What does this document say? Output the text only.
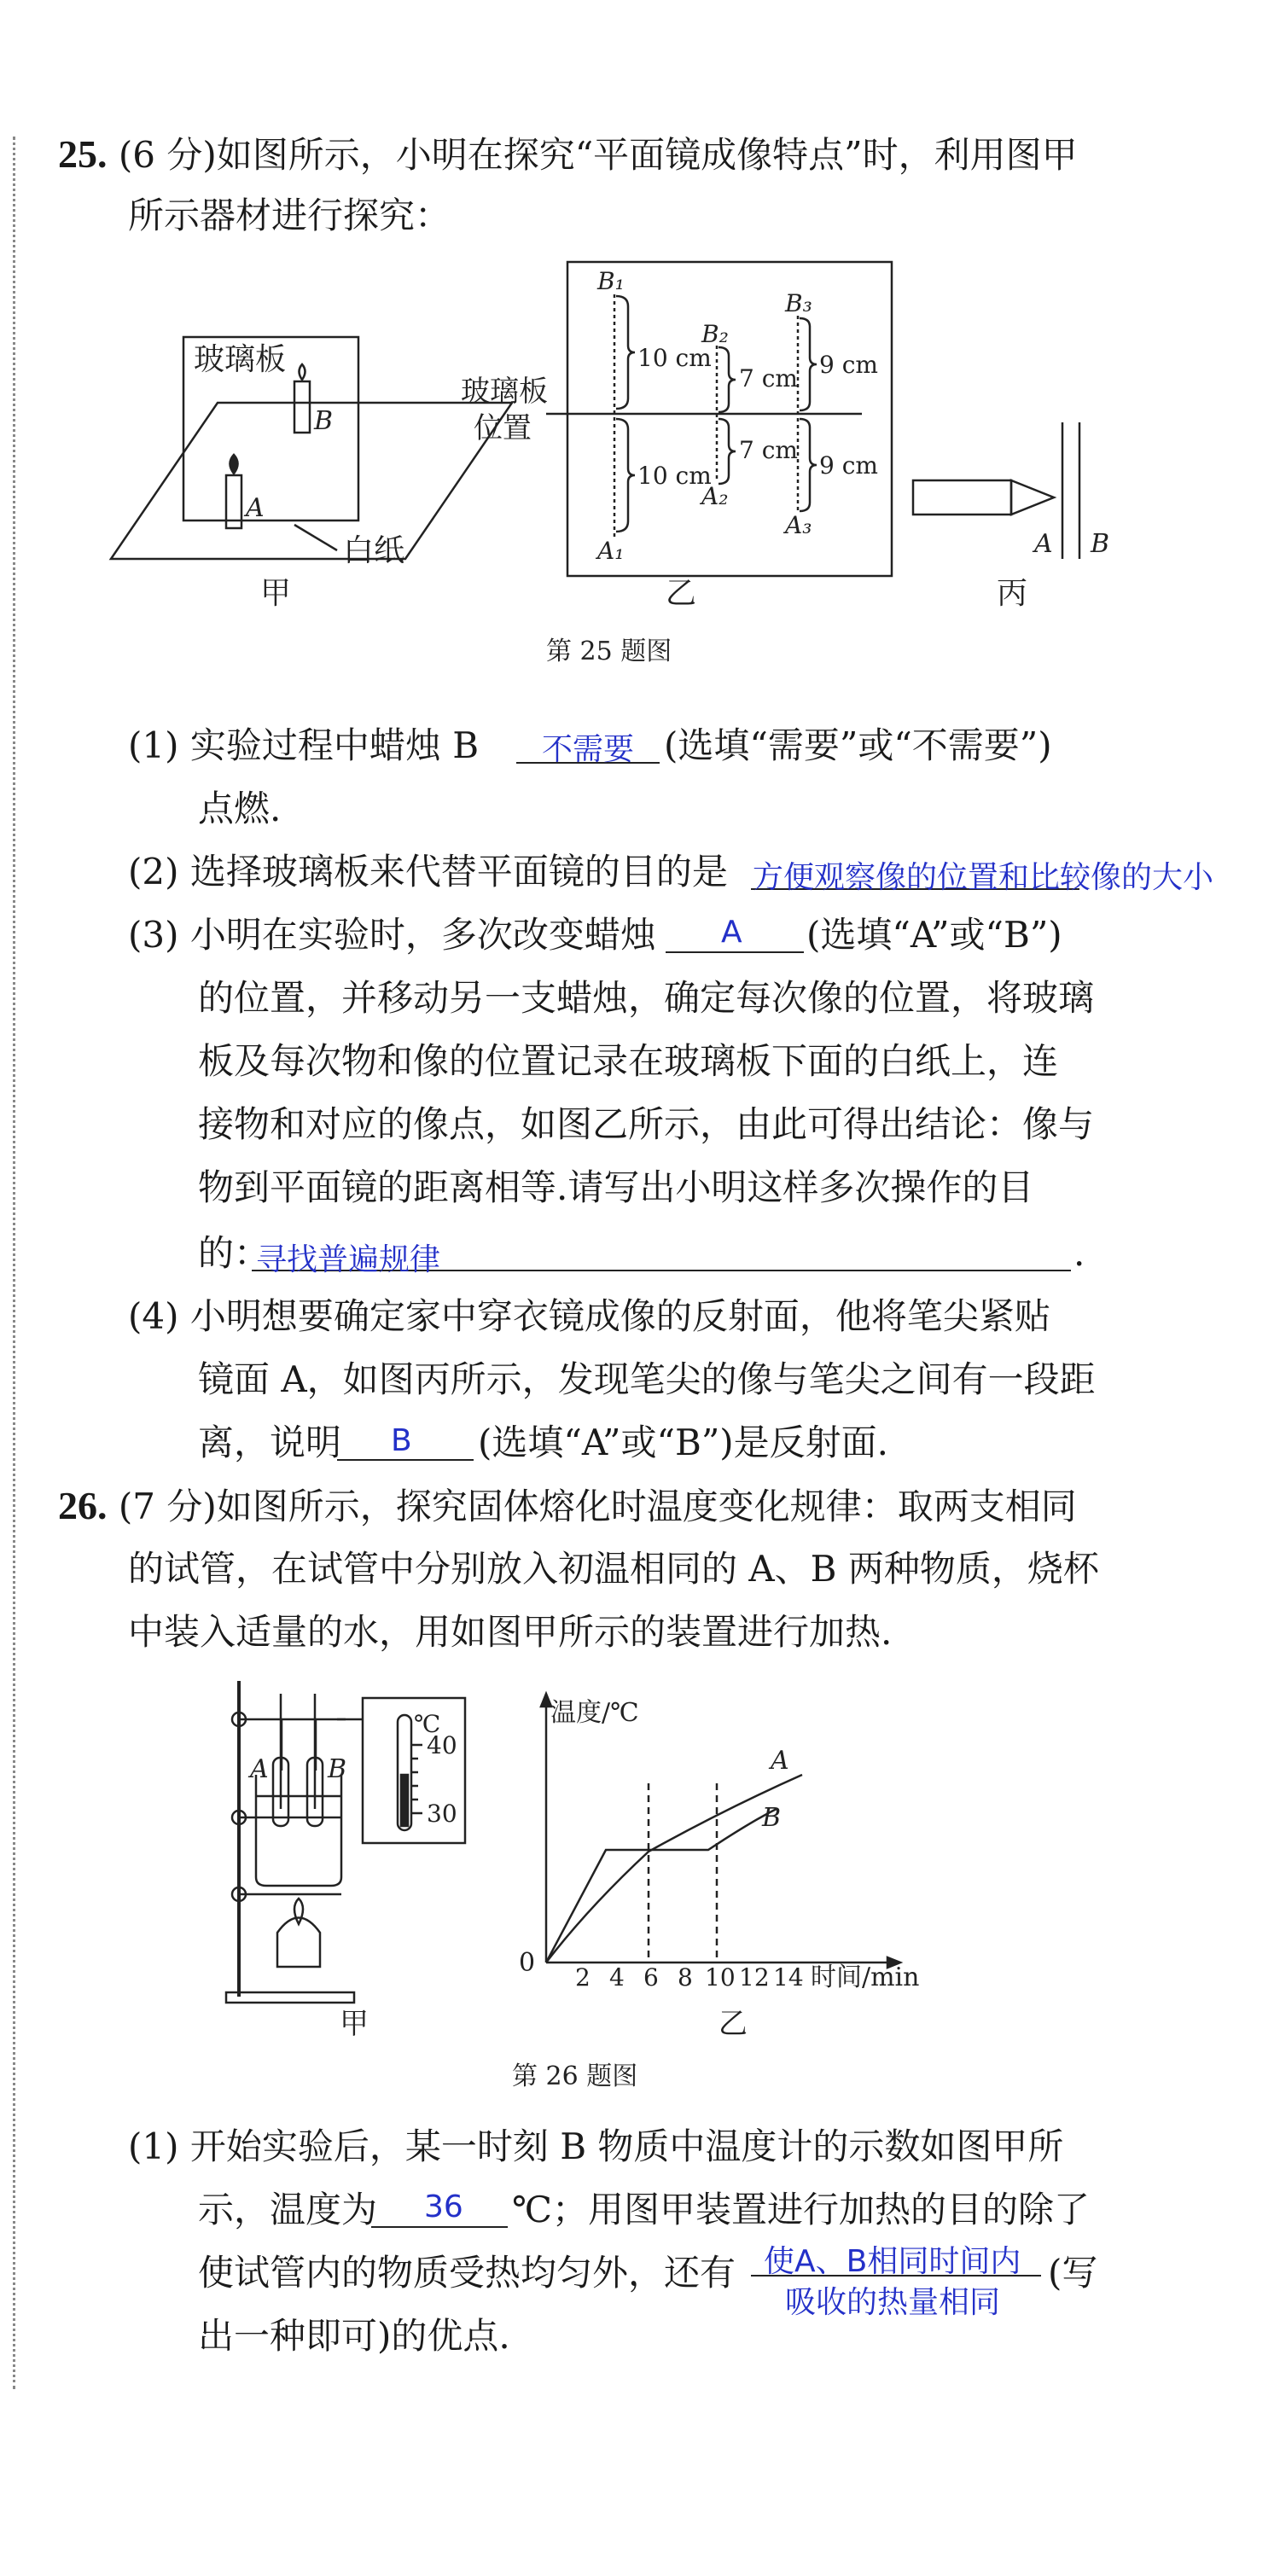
25. (6 分)如图所示，小明在探究“平面镜成像特点”时，利用图甲
所示器材进行探究：
玻璃板
B
A
白纸
甲
玻璃板
位置
B₁
B₂
B₃
A₁
A₂
A₃
10 cm
7 cm 9 cm
10 cm
7 cm
9 cm
乙
A B
丙
第 25 题图
(1) 实验过程中蜡烛 B 不需要 (选填“需要”或“不需要”)
点燃.
(2) 选择玻璃板来代替平面镜的目的是 方便观察像的位置和比较像的大小
(3) 小明在实验时，多次改变蜡烛 A (选填“A”或“B”)
的位置，并移动另一支蜡烛，确定每次像的位置，将玻璃
板及每次物和像的位置记录在玻璃板下面的白纸上，连
接物和对应的像点，如图乙所示，由此可得出结论：像与
物到平面镜的距离相等.请写出小明这样多次操作的目
的：
寻找普遍规律	.
(4) 小明想要确定家中穿衣镜成像的反射面，他将笔尖紧贴
镜面 A，如图丙所示，发现笔尖的像与笔尖之间有一段距
离，说明 B (选填“A”或“B”)是反射面.
26. (7 分)如图所示，探究固体熔化时温度变化规律：取两支相同
的试管，在试管中分别放入初温相同的 A、B 两种物质，烧杯
中装入适量的水，用如图甲所示的装置进行加热.
A B
℃
40
30
甲
温度/℃
时间/min
0 2 4 6 8 10 12 14
A
B
乙
第 26 题图
(1) 开始实验后，某一时刻 B 物质中温度计的示数如图甲所
示，温度为 36 ℃；用图甲装置进行加热的目的除了
使试管内的物质受热均匀外，还有 使A、B相同时间内
吸收的热量相同
(写
出一种即可)的优点.
